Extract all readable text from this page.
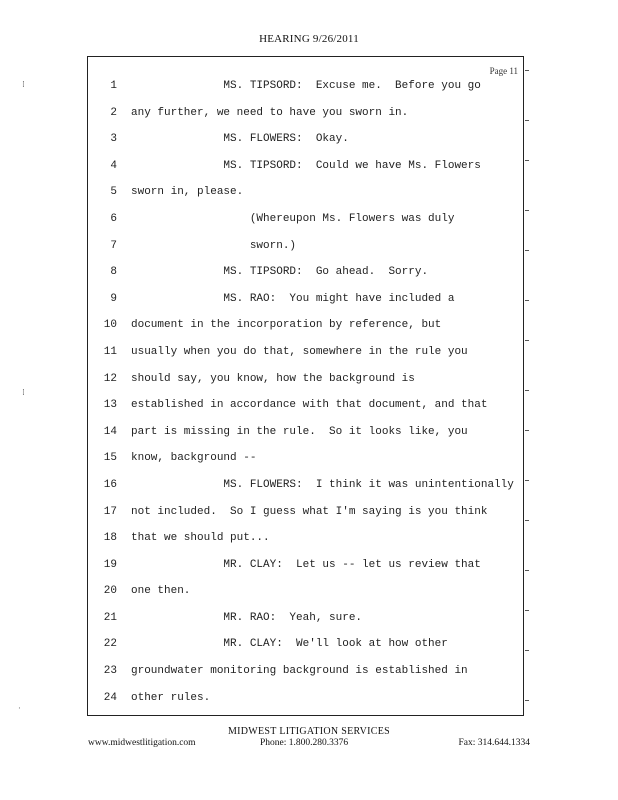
HEARING 9/26/2011
Page 11
1 MS. TIPSORD:  Excuse me.  Before you go
2 any further, we need to have you sworn in.
3 MS. FLOWERS:  Okay.
4 MS. TIPSORD:  Could we have Ms. Flowers
5 sworn in, please.
6 (Whereupon Ms. Flowers was duly
7 sworn.)
8 MS. TIPSORD:  Go ahead.  Sorry.
9 MS. RAO:  You might have included a
10 document in the incorporation by reference, but
11 usually when you do that, somewhere in the rule you
12 should say, you know, how the background is
13 established in accordance with that document, and that
14 part is missing in the rule.  So it looks like, you
15 know, background --
16 MS. FLOWERS:  I think it was unintentionally
17 not included.  So I guess what I'm saying is you think
18 that we should put...
19 MR. CLAY:  Let us -- let us review that
20 one then.
21 MR. RAO:  Yeah, sure.
22 MR. CLAY:  We'll look at how other
23 groundwater monitoring background is established in
24 other rules.
⁞
⁞
·
MIDWEST LITIGATION SERVICES
www.midwestlitigation.com	Phone: 1.800.280.3376	Fax: 314.644.1334
